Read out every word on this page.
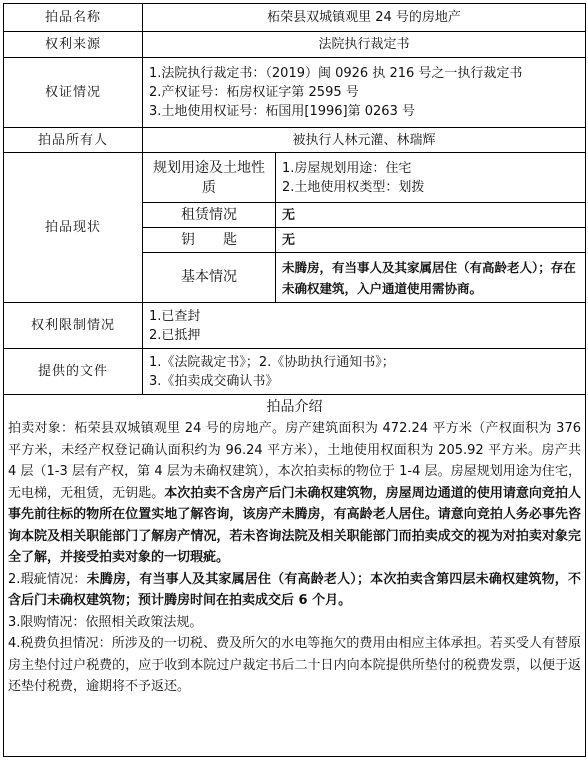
拍品名称	柘荣县双城镇观里 24 号的房地产	
权利来源	法院执行裁定书	
权证情况	1.法院执行裁定书：（2019）闽 0926 执 216 号之一执行裁定书
2.产权证号：柘房权证字第 2595 号
3.土地使用权证号：柘国用[1996]第 0263 号	

拍品所有人	被执行人林元灌、林瑞辉	
拍品现状	规划用途及土地性质	1.房屋规划用途：住宅
2.土地使用权类型：划拨

	租赁情况	无
	钥　　匙	无
	基本情况	未腾房，有当事人及其家属居住（有高龄老人）；存在未确权建筑，入户通道使用需协商。
权利限制情况	1.已查封
2.已抵押	

提供的文件	1.《法院裁定书》；2.《协助执行通知书》；
3.《拍卖成交确认书》	

拍品介绍

拍卖对象：柘荣县双城镇观里 24 号的房地产。房产建筑面积为 472.24 平方米（产权面积为 376 平方米，未经产权登记确认面积约为 96.24 平方米），土地使用权面积为 205.92 平方米。房产共 4 层（1-3 层有产权，第 4 层为未确权建筑），本次拍卖标的物位于 1-4 层。房屋规划用途为住宅，无电梯，无租赁，无钥匙。本次拍卖不含房产后门未确权建筑物，房屋周边通道的使用请意向竞拍人事先前往标的物所在位置实地了解咨询，该房产未腾房，有高龄老人居住。请意向竞拍人务必事先咨询本院及相关职能部门了解房产情况，若未咨询法院及相关职能部门而拍卖成交的视为对拍卖对象完全了解，并接受拍卖对象的一切瑕疵。

2.瑕疵情况：未腾房，有当事人及其家属居住（有高龄老人）；本次拍卖含第四层未确权建筑物，不含后门未确权建筑物；预计腾房时间在拍卖成交后 6 个月。

3.限购情况：依照相关政策法规。

4.税费负担情况：所涉及的一切税、费及所欠的水电等拖欠的费用由相应主体承担。若买受人有替原房主垫付过户税费的，应于收到本院过户裁定书后二十日内向本院提供所垫付的税费发票，以便于返还垫付税费，逾期将不予返还。		
